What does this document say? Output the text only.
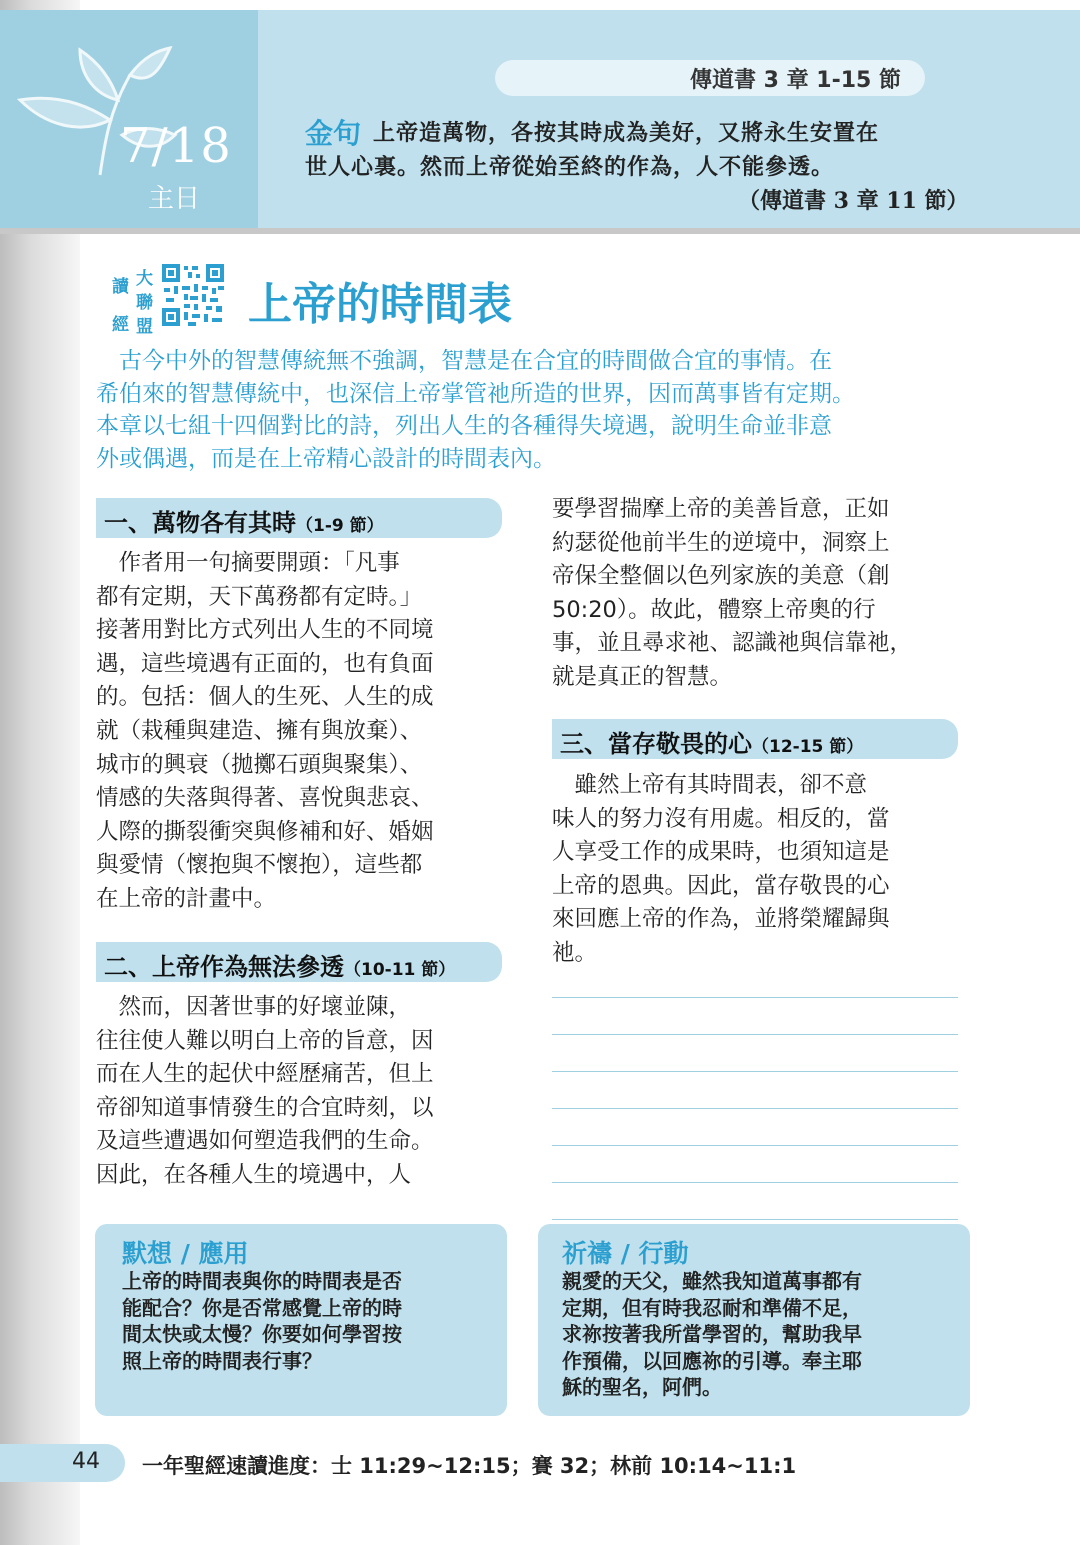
7/18
主日
傳道書 3 章 1-15 節
金句 上帝造萬物，各按其時成為美好，又將永生安置在
世人心裏。然而上帝從始至終的作為，人不能參透。
（傳道書 3 章 11 節）
讀 大
聯
經 盟 上帝的時間表

　古今中外的智慧傳統無不強調，智慧是在合宜的時間做合宜的事情。在
希伯來的智慧傳統中，也深信上帝掌管祂所造的世界，因而萬事皆有定期。
本章以七組十四個對比的詩，列出人生的各種得失境遇，說明生命並非意
外或偶遇，而是在上帝精心設計的時間表內。

一、萬物各有其時（1-9 節）

　作者用一句摘要開頭：「凡事
都有定期，天下萬務都有定時。」
接著用對比方式列出人生的不同境
遇，這些境遇有正面的，也有負面
的。包括：個人的生死、人生的成
就（栽種與建造、擁有與放棄）、
城市的興衰（拋擲石頭與聚集）、
情感的失落與得著、喜悅與悲哀、
人際的撕裂衝突與修補和好、婚姻
與愛情（懷抱與不懷抱），這些都
在上帝的計畫中。

二、上帝作為無法參透（10-11 節）

　然而，因著世事的好壞並陳，
往往使人難以明白上帝的旨意，因
而在人生的起伏中經歷痛苦，但上
帝卻知道事情發生的合宜時刻，以
及這些遭遇如何塑造我們的生命。
因此，在各種人生的境遇中，人

要學習揣摩上帝的美善旨意，正如
約瑟從他前半生的逆境中，洞察上
帝保全整個以色列家族的美意（創
50:20）。故此，體察上帝奧的行
事，並且尋求祂、認識祂與信靠祂，
就是真正的智慧。

三、當存敬畏的心（12-15 節）

　雖然上帝有其時間表，卻不意
味人的努力沒有用處。相反的，當
人享受工作的成果時，也須知這是
上帝的恩典。因此，當存敬畏的心
來回應上帝的作為，並將榮耀歸與
祂。

默想 / 應用

上帝的時間表與你的時間表是否
能配合？你是否常感覺上帝的時
間太快或太慢？你要如何學習按
照上帝的時間表行事？

祈禱 / 行動

親愛的天父，雖然我知道萬事都有
定期，但有時我忍耐和準備不足，
求祢按著我所當學習的，幫助我早
作預備，以回應祢的引導。奉主耶
穌的聖名，阿們。

44 一年聖經速讀進度：士 11:29~12:15；賽 32；林前 10:14~11:1
